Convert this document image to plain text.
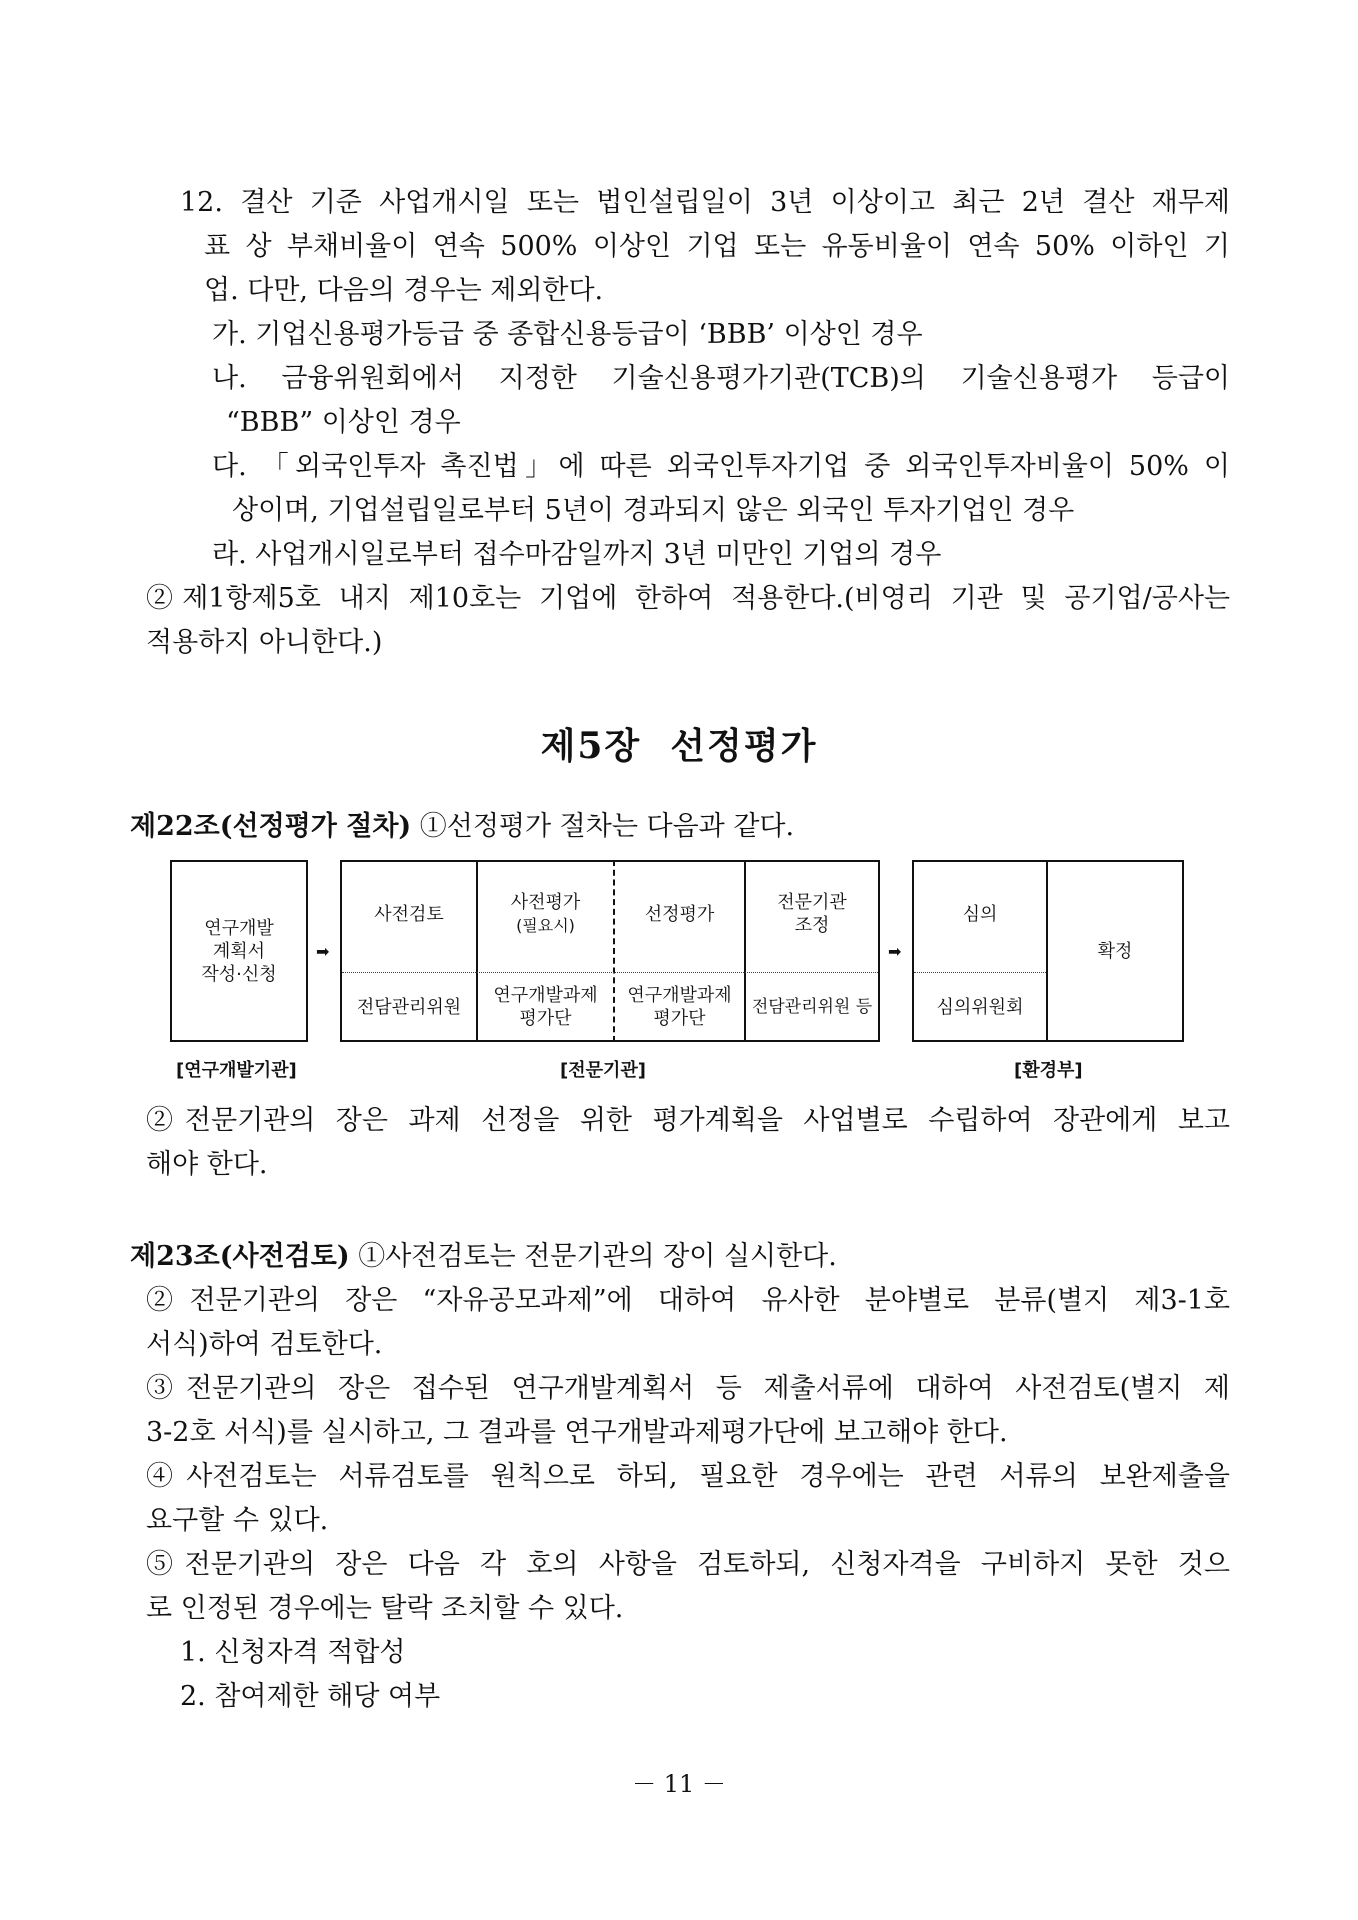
12. 결산 기준 사업개시일 또는 법인설립일이 3년 이상이고 최근 2년 결산 재무제
표 상 부채비율이 연속 500% 이상인 기업 또는 유동비율이 연속 50% 이하인 기
업. 다만, 다음의 경우는 제외한다.
가. 기업신용평가등급 중 종합신용등급이 ‘BBB’ 이상인 경우
나. 금융위원회에서 지정한 기술신용평가기관(TCB)의 기술신용평가 등급이
“BBB” 이상인 경우
다. 「외국인투자 촉진법」에 따른 외국인투자기업 중 외국인투자비율이 50% 이
상이며, 기업설립일로부터 5년이 경과되지 않은 외국인 투자기업인 경우
라. 사업개시일로부터 접수마감일까지 3년 미만인 기업의 경우
②제1항제5호 내지 제10호는 기업에 한하여 적용한다.(비영리 기관 및 공기업/공사는
적용하지 아니한다.)
제5장  선정평가
제22조(선정평가 절차) ①선정평가 절차는 다음과 같다.
연구개발
계획서
작성·신청
➡
사전검토
사전평가
(필요시)
선정평가
전문기관
조정
전담관리위원
연구개발과제
평가단
연구개발과제
평가단
전담관리위원 등
➡
심의
심의위원회
확정
[연구개발기관]	[전문기관]	[환경부]
②전문기관의 장은 과제 선정을 위한 평가계획을 사업별로 수립하여 장관에게 보고
해야 한다.
제23조(사전검토) ①사전검토는 전문기관의 장이 실시한다.
②전문기관의 장은 “자유공모과제”에 대하여 유사한 분야별로 분류(별지 제3-1호
서식)하여 검토한다.
③전문기관의 장은 접수된 연구개발계획서 등 제출서류에 대하여 사전검토(별지 제
3-2호 서식)를 실시하고, 그 결과를 연구개발과제평가단에 보고해야 한다.
④사전검토는 서류검토를 원칙으로 하되, 필요한 경우에는 관련 서류의 보완제출을
요구할 수 있다.
⑤전문기관의 장은 다음 각 호의 사항을 검토하되, 신청자격을 구비하지 못한 것으
로 인정된 경우에는 탈락 조치할 수 있다.
1. 신청자격 적합성
2. 참여제한 해당 여부
－ 11 －
